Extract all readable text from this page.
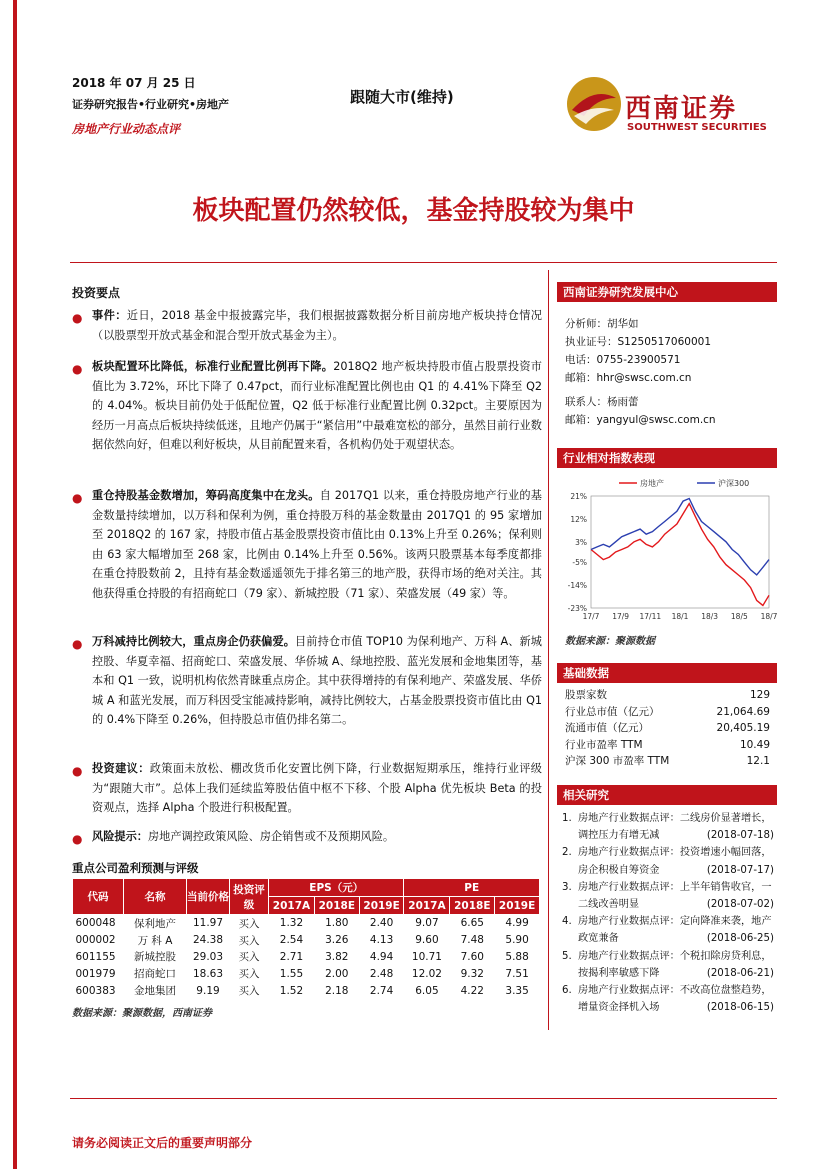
2018 年 07 月 25 日
证券研究报告•行业研究•房地产
房地产行业动态点评
跟随大市(维持)	西南证券
SOUTHWEST SECURITIES
板块配置仍然较低，基金持股较为集中
投资要点
● 事件：近日，2018 基金中报披露完毕，我们根据披露数据分析目前房地产板块持仓情况（以股票型开放式基金和混合型开放式基金为主）。
● 板块配置环比降低，标准行业配置比例再下降。2018Q2 地产板块持股市值占股票投资市值比为 3.72%，环比下降了 0.47pct，而行业标准配置比例也由 Q1 的 4.41%下降至 Q2 的 4.04%。板块目前仍处于低配位置，Q2 低于标准行业配置比例 0.32pct。主要原因为经历一月高点后板块持续低迷，且地产仍属于“紧信用”中最难宽松的部分，虽然目前行业数据依然向好，但难以利好板块，从目前配置来看，各机构仍处于观望状态。
● 重仓持股基金数增加，筹码高度集中在龙头。自 2017Q1 以来，重仓持股房地产行业的基金数量持续增加，以万科和保利为例，重仓持股万科的基金数量由 2017Q1 的 95 家增加至 2018Q2 的 167 家，持股市值占基金股票投资市值比由 0.13%上升至 0.26%；保利则由 63 家大幅增加至 268 家，比例由 0.14%上升至 0.56%。该两只股票基本每季度都排在重仓持股数前 2，且持有基金数遥遥领先于排名第三的地产股，获得市场的绝对关注。其他获得重仓持股的有招商蛇口（79 家）、新城控股（71 家）、荣盛发展（49 家）等。
● 万科减持比例较大，重点房企仍获偏爱。目前持仓市值 TOP10 为保利地产、万科 A、新城控股、华夏幸福、招商蛇口、荣盛发展、华侨城 A、绿地控股、蓝光发展和金地集团等，基本和 Q1 一致，说明机构依然青睐重点房企。其中获得增持的有保利地产、荣盛发展、华侨城 A 和蓝光发展，而万科因受宝能减持影响，减持比例较大，占基金股票投资市值比由 Q1 的 0.4%下降至 0.26%，但持股总市值仍排名第二。
● 投资建议：政策面未放松、棚改货币化安置比例下降，行业数据短期承压，维持行业评级为“跟随大市”。总体上我们延续监筹股估值中枢不下移、个股 Alpha 优先板块 Beta 的投资观点，选择 Alpha 个股进行积极配置。
● 风险提示：房地产调控政策风险、房企销售或不及预期风险。
重点公司盈利预测与评级
代码	名称	当前价格	投资评级	EPS（元）			PE		
				2017A	2018E	2019E	2017A	2018E	2019E
600048	保利地产	11.97	买入	1.32	1.80	2.40	9.07	6.65	4.99
000002	万 科 A	24.38	买入	2.54	3.26	4.13	9.60	7.48	5.90
601155	新城控股	29.03	买入	2.71	3.82	4.94	10.71	7.60	5.88
001979	招商蛇口	18.63	买入	1.55	2.00	2.48	12.02	9.32	7.51
600383	金地集团	9.19	买入	1.52	2.18	2.74	6.05	4.22	3.35
数据来源：聚源数据，西南证券
西南证券研究发展中心
分析师：胡华如
执业证号：S1250517060001
电话：0755-23900571
邮箱：hhr@swsc.com.cn
联系人：杨雨蕾
邮箱：yangyul@swsc.com.cn
行业相对指数表现
21%
12%
3%
-5%
-14%
-23%
17/7 17/9 17/11 18/1 18/3 18/5 18/7
房地产	沪深300
数据来源：聚源数据
基础数据
股票家数	129
行业总市值（亿元）	21,064.69
流通市值（亿元）	20,405.19
行业市盈率 TTM	10.49
沪深 300 市盈率 TTM	12.1
相关研究
1. 房地产行业数据点评：二线房价显著增长，调控压力有增无减	(2018-07-18)
2. 房地产行业数据点评：投资增速小幅回落，房企积极自筹资金	(2018-07-17)
3. 房地产行业数据点评：上半年销售收官，一二线改善明显	(2018-07-02)
4. 房地产行业数据点评：定向降准来袭，地产政宽兼备	(2018-06-25)
5. 房地产行业数据点评：个税扣除房贷利息，按揭利率敏感下降	(2018-06-21)
6. 房地产行业数据点评：不改高位盘整趋势，增量资金择机入场	(2018-06-15)
请务必阅读正文后的重要声明部分
